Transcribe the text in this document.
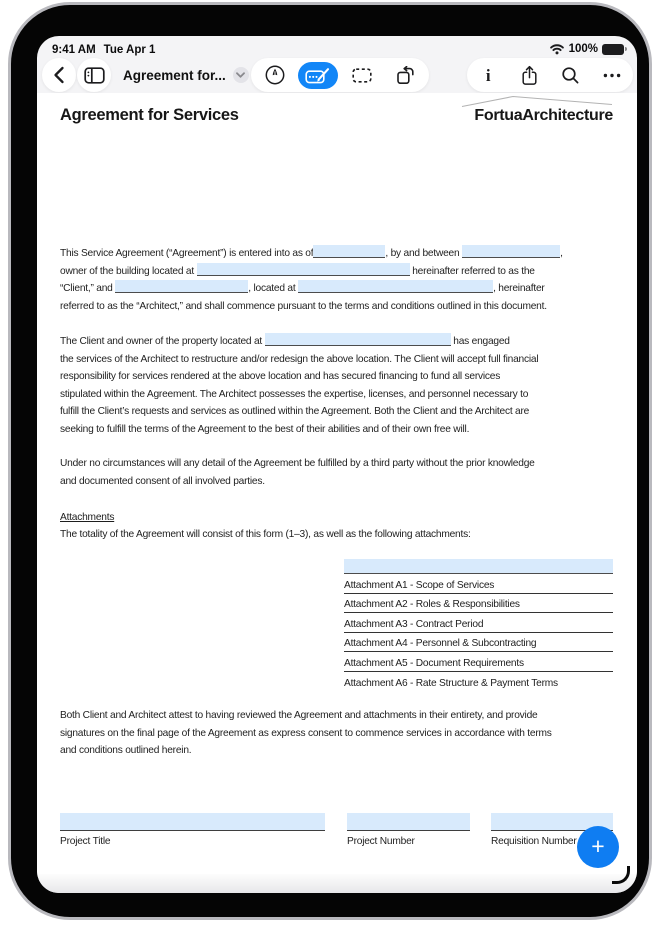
9:41 AM Tue Apr 1	100%
Agreement for...	i
Agreement for Services	FortuaArchitecture
This Service Agreement (“Agreement”) is entered into as of	, by and between	,
owner of the building located at	hereinafter referred to as the
“Client,” and	, located at	, hereinafter
referred to as the “Architect,” and shall commence pursuant to the terms and conditions outlined in this document.
The Client and owner of the property located at	has engaged
the services of the Architect to restructure and/or redesign the above location. The Client will accept full financial
responsibility for services rendered at the above location and has secured financing to fund all services
stipulated within the Agreement. The Architect possesses the expertise, licenses, and personnel necessary to
fulfill the Client’s requests and services as outlined within the Agreement. Both the Client and the Architect are
seeking to fulfill the terms of the Agreement to the best of their abilities and of their own free will.
Under no circumstances will any detail of the Agreement be fulfilled by a third party without the prior knowledge
and documented consent of all involved parties.
Attachments
The totality of the Agreement will consist of this form (1–3), as well as the following attachments:
Attachment A1 - Scope of Services
Attachment A2 - Roles & Responsibilities
Attachment A3 - Contract Period
Attachment A4 - Personnel & Subcontracting
Attachment A5 - Document Requirements
Attachment A6 - Rate Structure & Payment Terms
Both Client and Architect attest to having reviewed the Agreement and attachments in their entirety, and provide
signatures on the final page of the Agreement as express consent to commence services in accordance with terms
and conditions outlined herein.
Project Title	Project Number	Requisition Number +
